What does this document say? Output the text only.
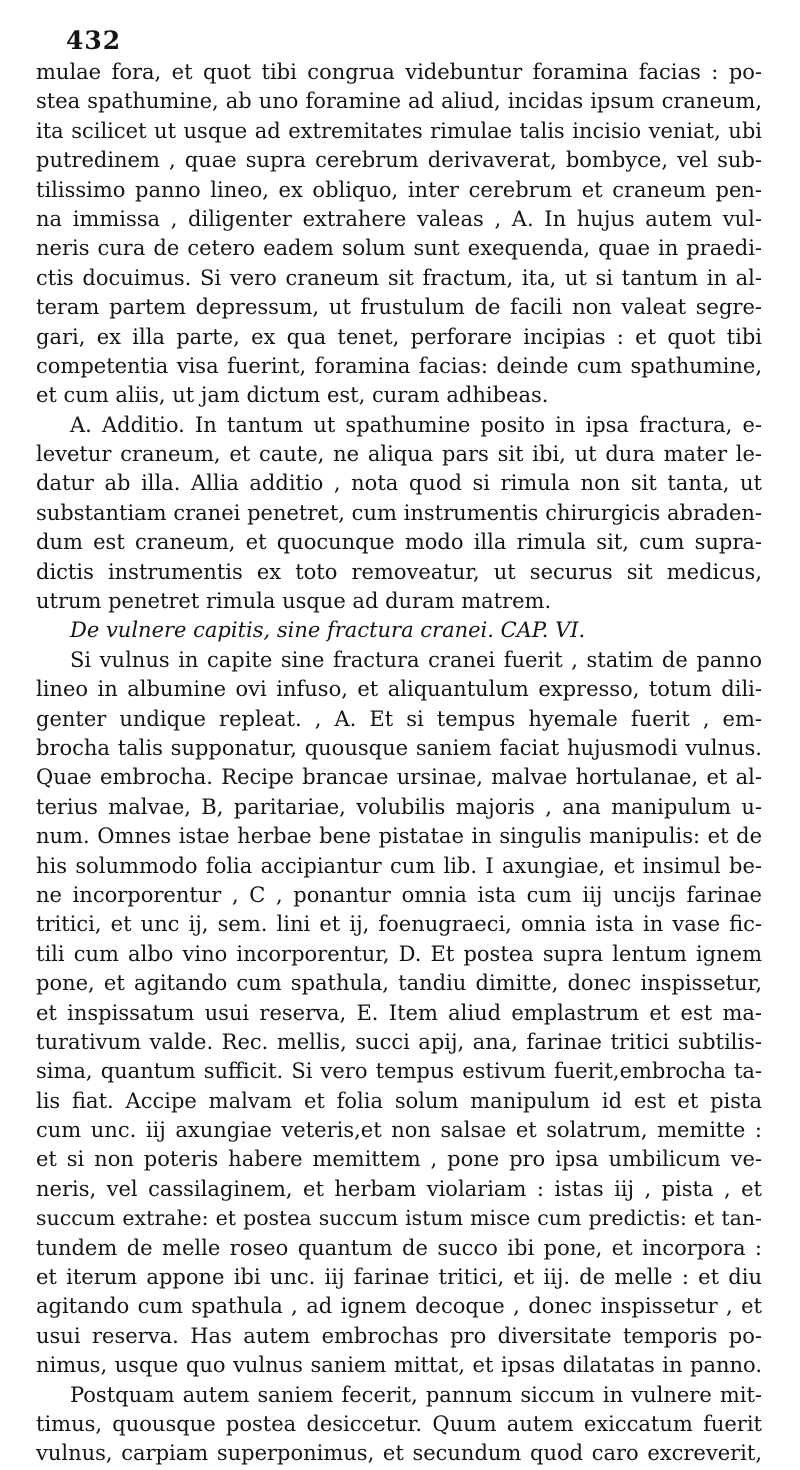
432
mulae fora, et quot tibi congrua videbuntur foramina facias : po-
stea spathumine, ab uno foramine ad aliud, incidas ipsum craneum,
ita scilicet ut usque ad extremitates rimulae talis incisio veniat, ubi
putredinem , quae supra cerebrum derivaverat, bombyce, vel sub-
tilissimo panno lineo, ex obliquo, inter cerebrum et craneum pen-
na immissa , diligenter extrahere valeas , A. In hujus autem vul-
neris cura de cetero eadem solum sunt exequenda, quae in praedi-
ctis docuimus. Si vero craneum sit fractum, ita, ut si tantum in al-
teram partem depressum, ut frustulum de facili non valeat segre-
gari, ex illa parte, ex qua tenet, perforare incipias : et quot tibi
competentia visa fuerint, foramina facias: deinde cum spathumine,
et cum aliis, ut jam dictum est, curam adhibeas.
A. Additio. In tantum ut spathumine posito in ipsa fractura, e-
levetur craneum, et caute, ne aliqua pars sit ibi, ut dura mater le-
datur ab illa. Allia additio , nota quod si rimula non sit tanta, ut
substantiam cranei penetret, cum instrumentis chirurgicis abraden-
dum est craneum, et quocunque modo illa rimula sit, cum supra-
dictis instrumentis ex toto removeatur, ut securus sit medicus,
utrum penetret rimula usque ad duram matrem.
De vulnere capitis, sine fractura cranei. CAP. VI.
Si vulnus in capite sine fractura cranei fuerit , statim de panno
lineo in albumine ovi infuso, et aliquantulum expresso, totum dili-
genter undique repleat. , A. Et si tempus hyemale fuerit , em-
brocha talis supponatur, quousque saniem faciat hujusmodi vulnus.
Quae embrocha. Recipe brancae ursinae, malvae hortulanae, et al-
terius malvae, B, paritariae, volubilis majoris , ana manipulum u-
num. Omnes istae herbae bene pistatae in singulis manipulis: et de
his solummodo folia accipiantur cum lib. I axungiae, et insimul be-
ne incorporentur , C , ponantur omnia ista cum iij uncijs farinae
tritici, et unc ij, sem. lini et ij, foenugraeci, omnia ista in vase fic-
tili cum albo vino incorporentur, D. Et postea supra lentum ignem
pone, et agitando cum spathula, tandiu dimitte, donec inspissetur,
et inspissatum usui reserva, E. Item aliud emplastrum et est ma-
turativum valde. Rec. mellis, succi apij, ana, farinae tritici subtilis-
sima, quantum sufficit. Si vero tempus estivum fuerit,embrocha ta-
lis fiat. Accipe malvam et folia solum manipulum id est et pista
cum unc. iij axungiae veteris,et non salsae et solatrum, memitte :
et si non poteris habere memittem , pone pro ipsa umbilicum ve-
neris, vel cassilaginem, et herbam violariam : istas iij , pista , et
succum extrahe: et postea succum istum misce cum predictis: et tan-
tundem de melle roseo quantum de succo ibi pone, et incorpora :
et iterum appone ibi unc. iij farinae tritici, et iij. de melle : et diu
agitando cum spathula , ad ignem decoque , donec inspissetur , et
usui reserva. Has autem embrochas pro diversitate temporis po-
nimus, usque quo vulnus saniem mittat, et ipsas dilatatas in panno.
Postquam autem saniem fecerit, pannum siccum in vulnere mit-
timus, quousque postea desiccetur. Quum autem exiccatum fuerit
vulnus, carpiam superponimus, et secundum quod caro excreverit,
